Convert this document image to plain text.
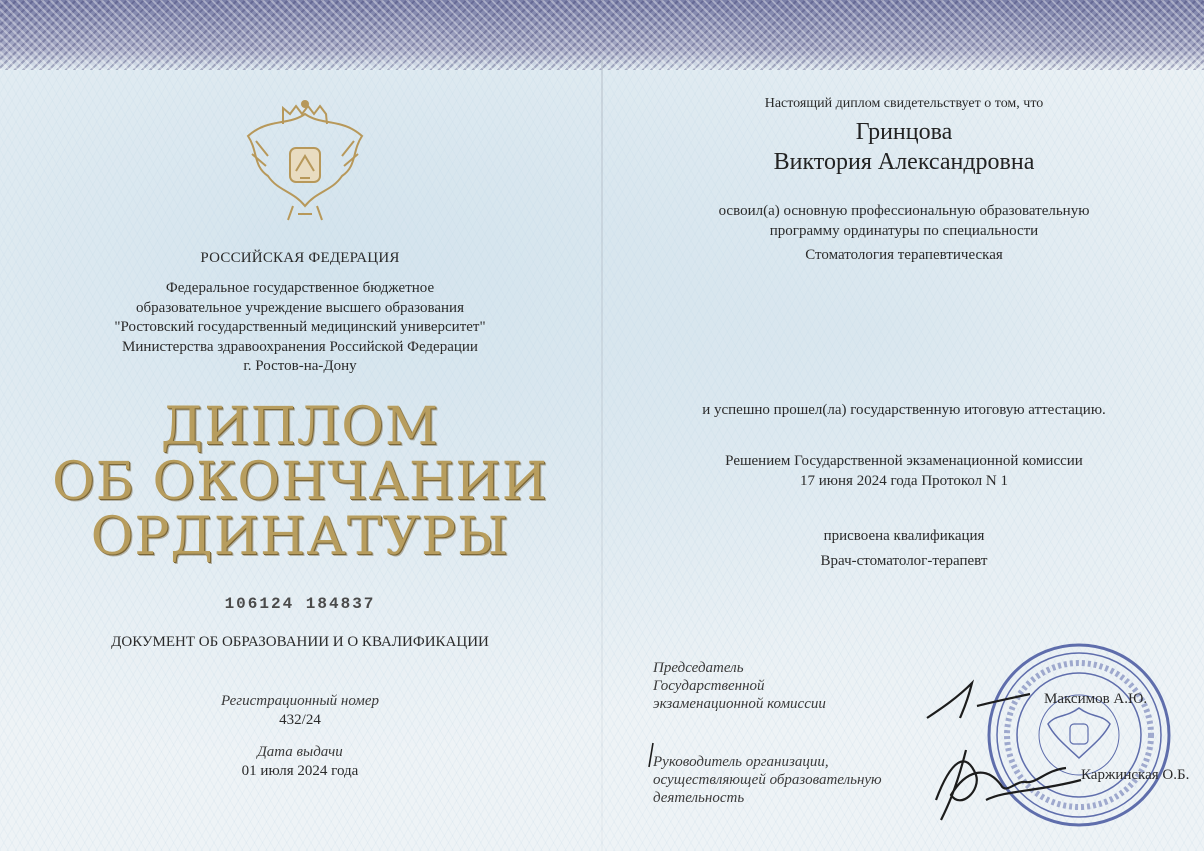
РОССИЙСКАЯ ФЕДЕРАЦИЯ
Федеральное государственное бюджетное
образовательное учреждение высшего образования
"Ростовский государственный медицинский университет"
Министерства здравоохранения Российской Федерации
г. Ростов-на-Дону
ДИПЛОМ
ОБ ОКОНЧАНИИ
ОРДИНАТУРЫ
106124 184837
ДОКУМЕНТ ОБ ОБРАЗОВАНИИ И О КВАЛИФИКАЦИИ
Регистрационный номер
432/24
Дата выдачи
01 июля 2024 года
Настоящий диплом свидетельствует о том, что
Гринцова
Виктория Александровна
освоил(а) основную профессиональную образовательную
программу ординатуры по специальности
Стоматология терапевтическая
и успешно прошел(ла) государственную итоговую аттестацию.
Решением Государственной экзаменационной комиссии
17 июня 2024 года Протокол N 1
присвоена квалификация
Врач-стоматолог-терапевт
Председатель
Государственной
экзаменационной комиссии	Максимов А.Ю.
Руководитель организации,
осуществляющей образовательную
деятельность
Каржинская О.Б.
